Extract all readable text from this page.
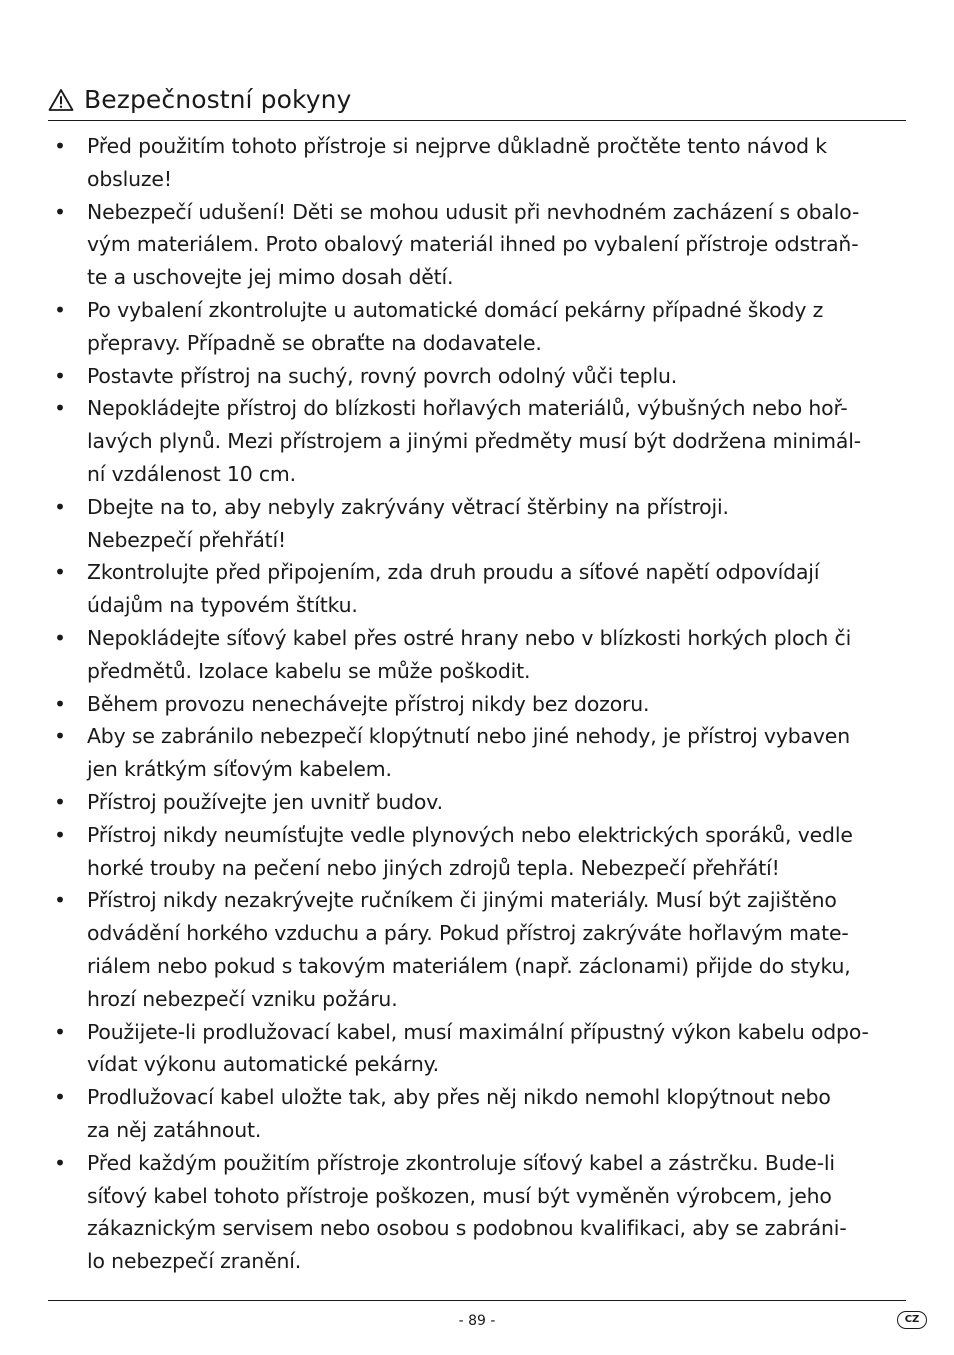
Bezpečnostní pokyny
•	Před použitím tohoto přístroje si nejprve důkladně pročtěte tento návod k
obsluze!
•	Nebezpečí udušení! Děti se mohou udusit při nevhodném zacházení s obalo-
vým materiálem. Proto obalový materiál ihned po vybalení přístroje odstraň-
te a uschovejte jej mimo dosah dětí.
•	Po vybalení zkontrolujte u automatické domácí pekárny případné škody z
přepravy. Případně se obraťte na dodavatele.
•	Postavte přístroj na suchý, rovný povrch odolný vůči teplu.
•	Nepokládejte přístroj do blízkosti hořlavých materiálů, výbušných nebo hoř-
lavých plynů. Mezi přístrojem a jinými předměty musí být dodržena minimál-
ní vzdálenost 10 cm.
•	Dbejte na to, aby nebyly zakrývány větrací štěrbiny na přístroji.
Nebezpečí přehřátí!
•	Zkontrolujte před připojením, zda druh proudu a síťové napětí odpovídají
údajům na typovém štítku.
•	Nepokládejte síťový kabel přes ostré hrany nebo v blízkosti horkých ploch či
předmětů. Izolace kabelu se může poškodit.
•	Během provozu nenechávejte přístroj nikdy bez dozoru.
•	Aby se zabránilo nebezpečí klopýtnutí nebo jiné nehody, je přístroj vybaven
jen krátkým síťovým kabelem.
•	Přístroj používejte jen uvnitř budov.
•	Přístroj nikdy neumísťujte vedle plynových nebo elektrických sporáků, vedle
horké trouby na pečení nebo jiných zdrojů tepla. Nebezpečí přehřátí!
•	Přístroj nikdy nezakrývejte ručníkem či jinými materiály. Musí být zajištěno
odvádění horkého vzduchu a páry. Pokud přístroj zakrýváte hořlavým mate-
riálem nebo pokud s takovým materiálem (např. záclonami) přijde do styku,
hrozí nebezpečí vzniku požáru.
•	Použijete-li prodlužovací kabel, musí maximální přípustný výkon kabelu odpo-
vídat výkonu automatické pekárny.
•	Prodlužovací kabel uložte tak, aby přes něj nikdo nemohl klopýtnout nebo
za něj zatáhnout.
•	Před každým použitím přístroje zkontroluje síťový kabel a zástrčku. Bude-li
síťový kabel tohoto přístroje poškozen, musí být vyměněn výrobcem, jeho
zákaznickým servisem nebo osobou s podobnou kvalifikaci, aby se zabráni-
lo nebezpečí zranění.
- 89 -	CZ
